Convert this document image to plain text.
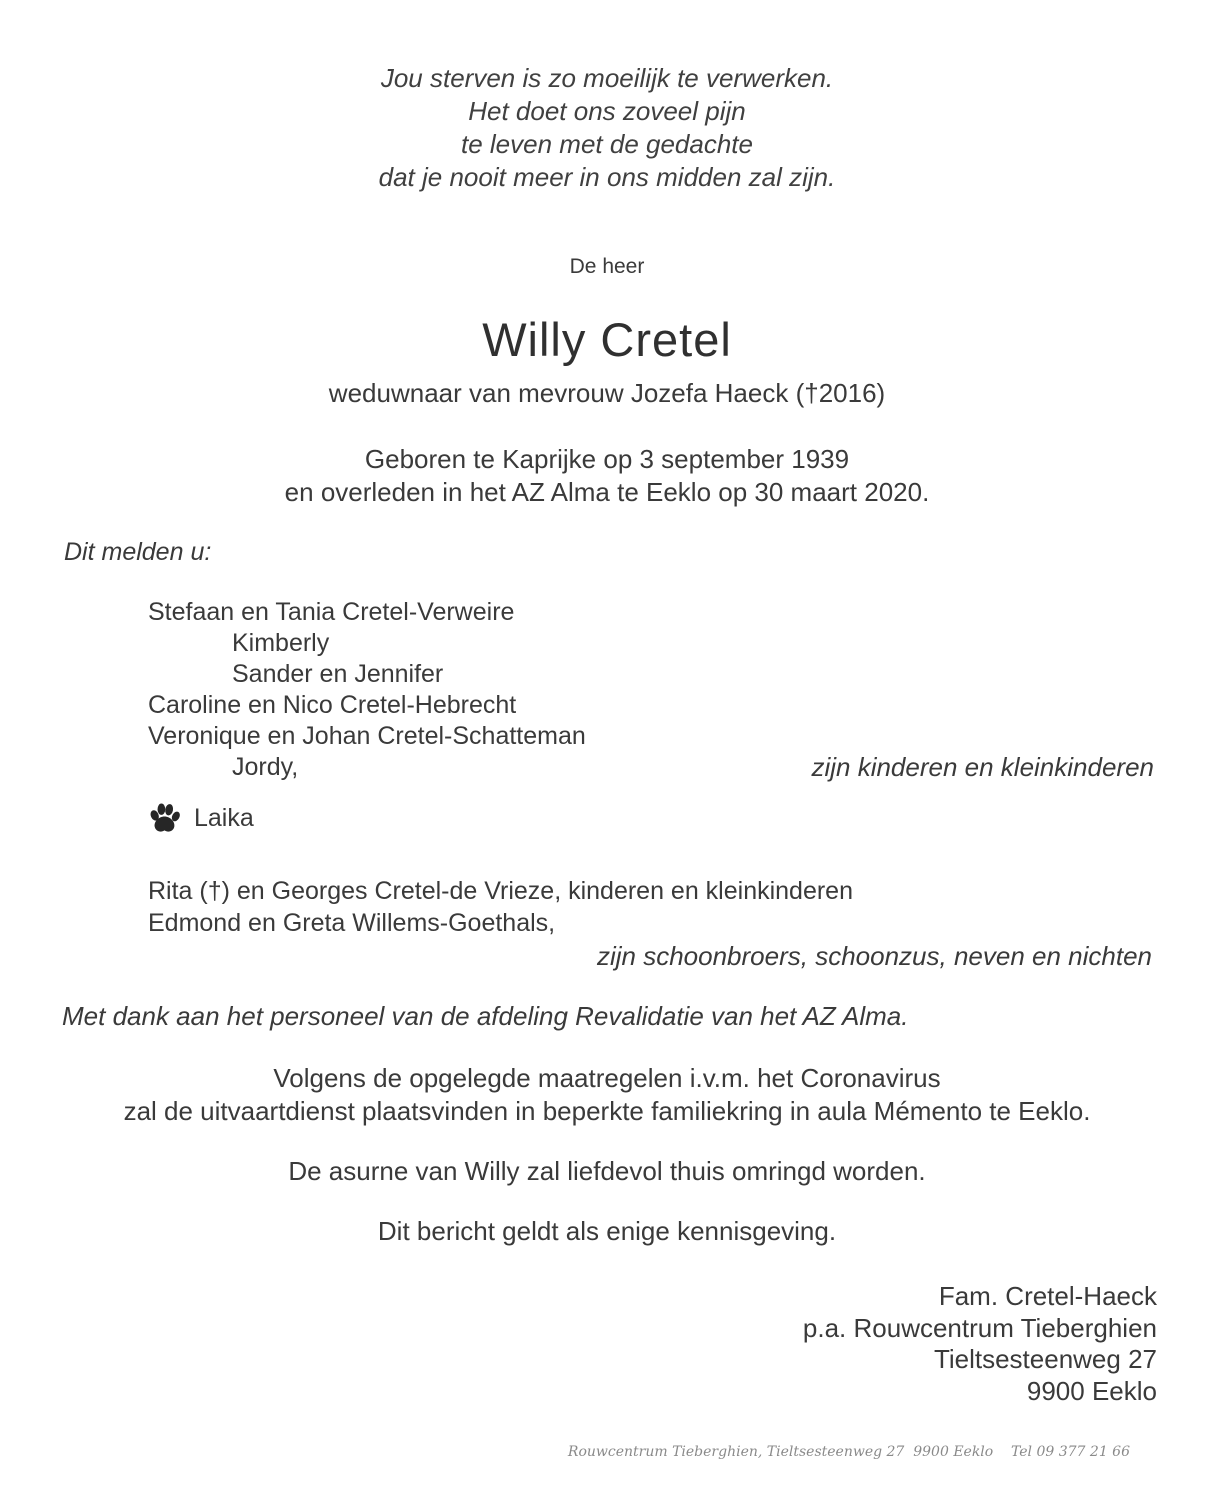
Jou sterven is zo moeilijk te verwerken.
Het doet ons zoveel pijn
te leven met de gedachte
dat je nooit meer in ons midden zal zijn.
De heer
Willy Cretel
weduwnaar van mevrouw Jozefa Haeck (†2016)
Geboren te Kaprijke op 3 september 1939
en overleden in het AZ Alma te Eeklo op 30 maart 2020.
Dit melden u:
Stefaan en Tania Cretel-Verweire
Kimberly
Sander en Jennifer
Caroline en Nico Cretel-Hebrecht
Veronique en Johan Cretel-Schatteman
Jordy,	zijn kinderen en kleinkinderen
Laika
Rita (†) en Georges Cretel-de Vrieze, kinderen en kleinkinderen
Edmond en Greta Willems-Goethals,
zijn schoonbroers, schoonzus, neven en nichten
Met dank aan het personeel van de afdeling Revalidatie van het AZ Alma.
Volgens de opgelegde maatregelen i.v.m. het Coronavirus
zal de uitvaartdienst plaatsvinden in beperkte familiekring in aula Mémento te Eeklo.
De asurne van Willy zal liefdevol thuis omringd worden.
Dit bericht geldt als enige kennisgeving.
Fam. Cretel-Haeck
p.a. Rouwcentrum Tieberghien
Tieltsesteenweg 27
9900 Eeklo
Rouwcentrum Tieberghien, Tieltsesteenweg 27  9900 Eeklo    Tel 09 377 21 66
